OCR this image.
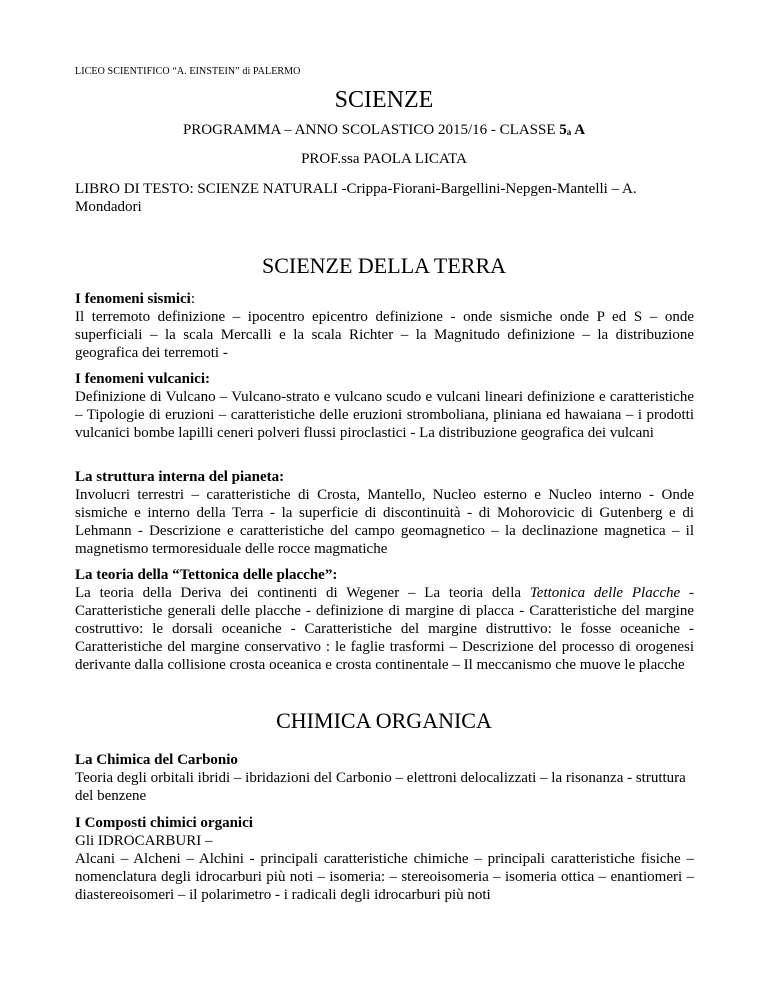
LICEO SCIENTIFICO “A. EINSTEIN” di PALERMO
SCIENZE
PROGRAMMA – ANNO SCOLASTICO 2015/16 - CLASSE $5_a$ A
PROF.ssa PAOLA LICATA
LIBRO DI TESTO: SCIENZE NATURALI -Crippa-Fiorani-Bargellini-Nepgen-Mantelli – A. Mondadori
SCIENZE DELLA TERRA
I fenomeni sismici:
Il terremoto definizione – ipocentro epicentro definizione - onde sismiche onde P ed S – onde superficiali – la scala Mercalli e la scala Richter – la Magnitudo definizione – la distribuzione geografica dei terremoti -
I fenomeni vulcanici:
Definizione di Vulcano – Vulcano-strato e vulcano scudo e vulcani lineari definizione e caratteristiche – Tipologie di eruzioni – caratteristiche delle eruzioni stromboliana, pliniana ed hawaiana – i prodotti vulcanici bombe lapilli ceneri polveri flussi piroclastici - La distribuzione geografica dei vulcani
La struttura interna del pianeta:
Involucri terrestri – caratteristiche di Crosta, Mantello, Nucleo esterno e Nucleo interno - Onde sismiche e interno della Terra - la superficie di discontinuità - di Mohorovicic di Gutenberg e di Lehmann - Descrizione e caratteristiche del campo geomagnetico – la declinazione magnetica – il magnetismo termoresiduale delle rocce magmatiche
La teoria della “Tettonica delle placche”:
La teoria della Deriva dei continenti di Wegener – La teoria della Tettonica delle Placche - Caratteristiche generali delle placche - definizione di margine di placca - Caratteristiche del margine costruttivo: le dorsali oceaniche - Caratteristiche del margine distruttivo: le fosse oceaniche - Caratteristiche del margine conservativo : le faglie trasformi – Descrizione del processo di orogenesi derivante dalla collisione crosta oceanica e crosta continentale – Il meccanismo che muove le placche
CHIMICA ORGANICA
La Chimica del Carbonio
Teoria degli orbitali ibridi – ibridazioni del Carbonio – elettroni delocalizzati – la risonanza - struttura del benzene
I Composti chimici organici
Gli IDROCARBURI –
Alcani – Alcheni – Alchini - principali caratteristiche chimiche – principali caratteristiche fisiche – nomenclatura degli idrocarburi più noti – isomeria: – stereoisomeria – isomeria ottica – enantiomeri – diastereoisomeri – il polarimetro - i radicali degli idrocarburi più noti
